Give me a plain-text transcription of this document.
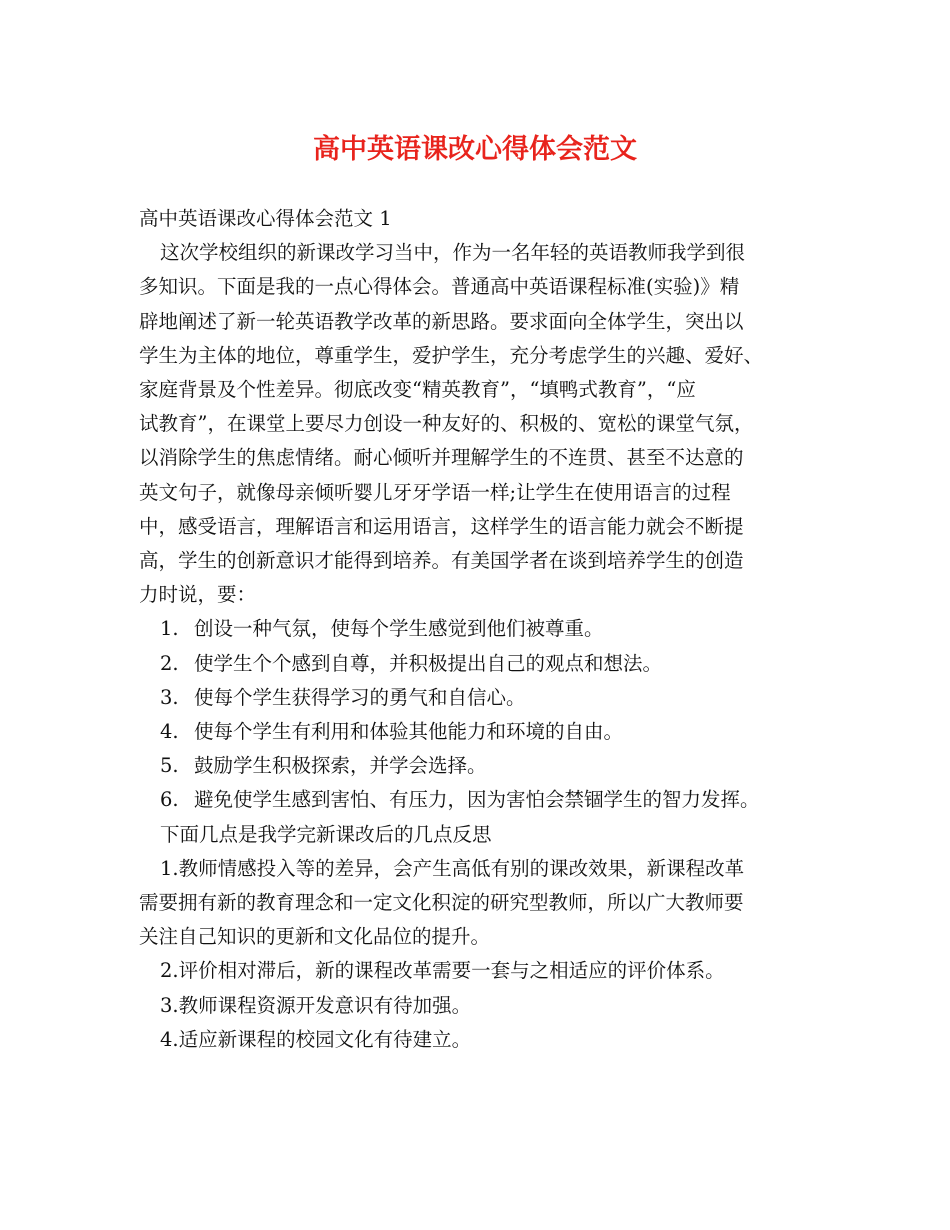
高中英语课改心得体会范文
高中英语课改心得体会范文 1
这次学校组织的新课改学习当中，作为一名年轻的英语教师我学到很
多知识。下面是我的一点心得体会。普通高中英语课程标准(实验)》精
辟地阐述了新一轮英语教学改革的新思路。要求面向全体学生，突出以
学生为主体的地位，尊重学生，爱护学生，充分考虑学生的兴趣、爱好、
家庭背景及个性差异。彻底改变“精英教育”，“填鸭式教育”，“应
试教育”，在课堂上要尽力创设一种友好的、积极的、宽松的课堂气氛，
以消除学生的焦虑情绪。耐心倾听并理解学生的不连贯、甚至不达意的
英文句子，就像母亲倾听婴儿牙牙学语一样;让学生在使用语言的过程
中，感受语言，理解语言和运用语言，这样学生的语言能力就会不断提
高，学生的创新意识才能得到培养。有美国学者在谈到培养学生的创造
力时说，要：
1. 创设一种气氛，使每个学生感觉到他们被尊重。
2. 使学生个个感到自尊，并积极提出自己的观点和想法。
3. 使每个学生获得学习的勇气和自信心。
4. 使每个学生有利用和体验其他能力和环境的自由。
5. 鼓励学生积极探索，并学会选择。
6. 避免使学生感到害怕、有压力，因为害怕会禁锢学生的智力发挥。
下面几点是我学完新课改后的几点反思
1.教师情感投入等的差异，会产生高低有别的课改效果，新课程改革
需要拥有新的教育理念和一定文化积淀的研究型教师，所以广大教师要
关注自己知识的更新和文化品位的提升。
2.评价相对滞后，新的课程改革需要一套与之相适应的评价体系。
3.教师课程资源开发意识有待加强。
4.适应新课程的校园文化有待建立。
